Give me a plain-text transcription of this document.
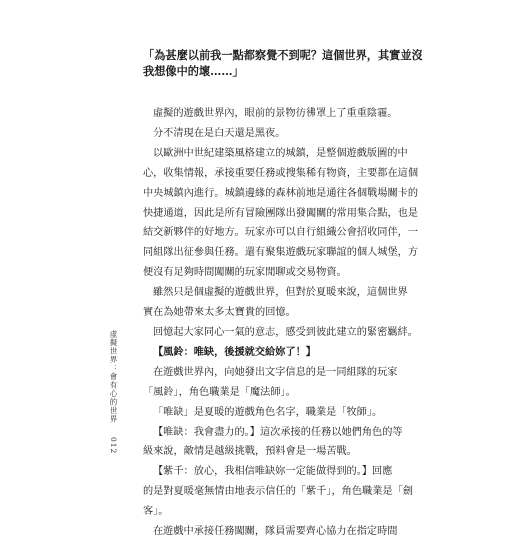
「為甚麼以前我一點都察覺不到呢？這個世界，其實並沒
我想像中的壞……」
虛擬的遊戲世界內，眼前的景物彷彿罩上了重重陰霾。
分不清現在是白天還是黑夜。
以歐洲中世紀建築風格建立的城鎮，是整個遊戲版圖的中
心，收集情報，承接重要任務或搜集稀有物資，主要都在這個
中央城鎮內進行。城鎮邊緣的森林前地是通往各個戰場關卡的
快捷通道，因此是所有冒險團隊出發闖關的常用集合點，也是
結交新夥伴的好地方。玩家亦可以自行組織公會招收同伴，一
同組隊出征參與任務。還有聚集遊戲玩家聯誼的個人城堡，方
便沒有足夠時間闖關的玩家閒聊或交易物資。
雖然只是個虛擬的遊戲世界，但對於夏暖來說，這個世界
實在為她帶來太多太寶貴的回憶。
回憶起大家同心一氣的意志，感受到彼此建立的緊密羈絆。
【風鈴：唯缺，後援就交給妳了！】
在遊戲世界內，向她發出文字信息的是一同組隊的玩家
「風鈴」，角色職業是「魔法師」。
「唯缺」是夏暖的遊戲角色名字，職業是「牧師」。
【唯缺：我會盡力的。】這次承接的任務以她們角色的等
級來說，敵情是越級挑戰，預料會是一場苦戰。
【紫千：放心，我相信唯缺妳一定能做得到的。】回應
的是對夏暖毫無情由地表示信任的「紫千」，角色職業是「劍
客」。
在遊戲中承接任務闖關，隊員需要齊心協力在指定時間
虛擬世界：會有心的世界 012
